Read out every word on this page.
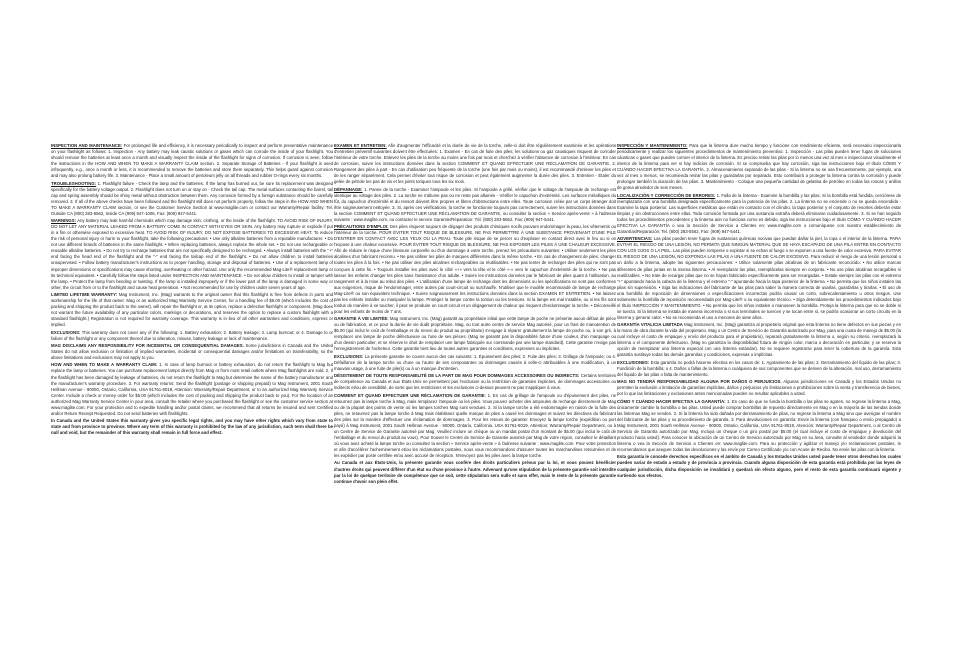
INSPECTION AND MAINTENANCE: For prolonged life and efficiency, it is necessary periodically to inspect and perform preventative maintenance on your flashlight as follows: 1. Inspection - Any battery may leak caustic solutions or gases which can corrode the inside of your flashlight. You should remove the batteries at least once a month and visually inspect the inside of the flashlight for signs of corrosion. If corrosion is seen, follow the instructions in the HOW AND WHEN TO MAKE A WARRANTY CLAIM section. 2. Separate Storage of Batteries - If your flashlight is used infrequently, e.g., once a month or less, it is recommended to remove the batteries and store them separately. This helps guard against corrosion and may also prolong battery life. 3. Maintenance - Place a small amount of petroleum jelly on all threads and rubber O-rings every six months.

TROUBLESHOOTING: 1. Flashlight failure - Check the lamp and the batteries. If the lamp has burned out, be sure its replacement was designed specifically for the battery voltage output. 2. Flashlight does not turn on or stay on - Check the tail cap. The metal surfaces contacting the barrel, tail cap and spring assembly should be shiny metal without obstruction between them. Any corrosion formed by a foreign substance should be carefully removed. 3. If all of the above checks have been followed and the flashlight still does not perform properly, follow the steps in the HOW AND WHEN TO MAKE A WARRANTY CLAIM section, or see the Customer Service Section at www.maglite.com or contact our Warranty/Repair facility: Tel. Outside CA (800) 283-5562, Inside CA (909) 947-1006, Fax: (909) 947-5441.

WARNINGS: Any battery may leak harmful chemicals which may damage skin, clothing, or the inside of the flashlight. TO AVOID RISK OF INJURY, DO NOT LET ANY MATERIAL LEAKED FROM A BATTERY COME IN CONTACT WITH EYES OR SKIN. Any battery may rupture or explode if put in a fire or otherwise exposed to excessive heat. TO AVOID RISK OF INJURY, DO NOT EXPOSE BATTERIES TO EXCESSIVE HEAT. To reduce the risk of personal injury or harm to your flashlight, take the following precautions: • Use only alkaline batteries from a reputable manufacturer. • Do not use different brands of batteries in the same flashlight. • When replacing batteries, always replace the whole set. • Do not use rechargeable or reusable alkaline batteries. • Do not try to recharge batteries that are not specifically designed to be recharged. • Always install batteries with the "+" end facing the head end of the flashlight and the "-" end facing the tailcap end of the flashlight. • Do not allow children to install batteries unsupervised. • Follow battery manufacturer's instructions as to proper handling, storage and disposal of batteries. • Use of a replacement lamp of improper dimensions or specifications may cause shorting, overheating or other hazard. Use only the recommended Mag-Lite® replacement lamp or its technical equivalent. • Carefully follow the steps listed under INSPECTION AND MAINTENANCE. • Do not allow children to install or tamper with the lamp. • Protect the lamp from bending or twisting. If the lamp is installed improperly or if the lower part of the lamp is damaged in some way or other, the circuit from or to the flashlight and cause heat generation. • Not recommended for use by children under seven years of age.

LIMITED LIFETIME WARRANTY: Mag Instrument, Inc. (Mag) warrants to the original owner that this flashlight is free from defects in parts and workmanship for the life of that owner. Mag or an authorized Mag Warranty Service Center, for a handling fee of $5.00 (which includes the cost of packing and shipping the product back to the owner), will repair the flashlight or, at its option, replace a defective flashlight or component. (Mag does not warrant the future availability of any particular colors, markings or decorations, and reserves the option to replace a custom flashlight with a standard flashlight.) Registration is not required for warranty coverage. This warranty is in lieu of all other warranties and conditions, express or implied.

EXCLUSIONS: This warranty does not cover any of the following: 1. Battery exhaustion; 2. Battery leakage; 3. Lamp burnout; or 4. Damage to or failure of the flashlight or any component thereof due to alteration, misuse, battery leakage or lack of maintenance.

MAG DISCLAIMS ANY RESPONSIBILITY FOR INCIDENTAL OR CONSEQUENTIAL DAMAGES. Some jurisdictions in Canada and the United States do not allow exclusion or limitation of implied warranties, incidental or consequential damages and/or limitations on transferability, so the above limitations and exclusions may not apply to you.

HOW AND WHEN TO MAKE A WARRANTY CLAIM: 1. In case of lamp burnout or battery exhaustion, do not return the flashlight to Mag but replace the lamp or batteries. You can purchase replacement lamps directly from Mag or from most retail outlets where Mag flashlights are sold. 2. If the flashlight has been damaged by leakage of batteries, do not return the flashlight to Mag but determine the name of the battery manufacturer and the manufacturer's warranty procedure. 3. For warranty returns: Send the flashlight (postage or shipping prepaid) to Mag Instrument, 2001 South Hellman Avenue - 90000, Ontario, California, USA 91761-8019, Attention: Warranty/Repair Department, or to an authorized Mag Warranty Service Center. Include a check or money order for $5.00 (which includes the cost of packing and shipping the product back to you). For the location of an authorized Mag Warranty Service Center in your area, consult the retailer where you purchased the flashlight or see the customer service section at www.maglite.com. For your protection and to expedite handling and/or postal claims, we recommend that all returns be insured and sent Certified and/or Return Receipt Requested. Do not send batteries with flashlights.

In Canada and the United States this warranty gives you specific legal rights, and you may have other rights which vary from state to state and from province to province. Where any term of this warranty is prohibited by the law of any jurisdiction, such term shall there be null and void, but the remainder of this warranty shall remain in full force and effect.

EXAMEN ET ENTRETIEN: Afin d'augmenter l'efficacité et la durée de vie de la torche, celle-ci doit être régulièrement examinée et les opérations d'entretien préventif suivantes doivent être effectuées: 1. Examen - En cas de fuite des piles, les solutions ou gaz caustiques risquent de corroder l'intérieur de votre torche. Enlevez les piles de la torche au moins une fois par mois et cherchez à vérifier l'absence de corrosion à l'intérieur. En cas de corrosion, suivre les instructions données dans la section COMMENT ET QUAND EFFECTUER UNE RÉCLAMATION DE GARANTIE. 2. Rangement des piles à part - En cas d'utilisation peu fréquente de la torche (une fois par mois ou moins), il est recommandé d'enlever les piles et de les ranger séparément. Cela permet d'éviter tout risque de corrosion et peut également augmenter la durée des piles. 3. Entretien - Étaler du gelée de pétrole les pas de vis et les joints toriques tous les six mois.

DÉPANNAGE: 1. Panne de la torche - Examiner l'ampoule et les piles. Si l'ampoule a grillé, vérifier que le voltage de l'ampoule de rechange est identique au voltage des piles. 2. La torche ne s'allume pas ou ne reste pas allumée - Vérifier le capuchon d'extrémité. Les surfaces métalliques du fût, du capuchon d'extrémité et du ressort doivent être propres et libres d'obstructions entre elles. Toute corrosion créée par un corps étranger doit être soigneusement nettoyée. 3. Si, après ces vérifications, la torche ne fonctionne toujours pas correctement, suivre les instructions données dans la section COMMENT ET QUAND EFFECTUER UNE RÉCLAMATION DE GARANTIE, ou consulter la section « Service après-vente » à l'adresse suivante : www.maglite.com, ou contacter le service Garantie/Réparation: Tél. (800) 283-5562, Fax: (909) 947-5441.

PRÉCAUTIONS D'EMPLOI: Des piles risquent toujours de dégager des produits chimiques nocifs pouvant endommager la peau, les vêtements ou l'intérieur de la torche. POUR ÉVITER TOUT RISQUE DE BLESSURE, NE PAS PERMETTRE À UNE SUBSTANCE PROVENANT D'UNE PILE D'ENTRER EN CONTACT AVEC LES YEUX OU LA PEAU. Toute pile risque de se percer ou d'exploser en contact direct avec le feu ou si on l'expose à une chaleur excessive. POUR ÉVITER TOUT RISQUE DE BLESSURE, NE PAS EXPOSER LES PILES À UNE CHALEUR EXCESSIVE. Afin de réduire le risque d'une blessure corporelle ou d'un dommage à votre torche, prenez les précautions suivantes: • Utiliser seulement les piles alcalines d'un fabricant reconnu. • Ne pas utiliser les piles de marques différentes dans la même torche. • En cas de changement de piles, changer toutes les piles à la fois. • Ne pas utiliser des piles alcalines rechargeables ou réutilisables. • Ne pas tenter de recharger des piles qui ne sont pas conçues à cette fin. • Toujours installer les piles avec le côté «+» vers la tête et le côté «-» vers le capuchon d'extrémité de la torche. • Ne pas laisser les enfants changer les piles sans l'assistance d'un adulte. • Suivre les instructions données par le fabricant de piles quant à l'utilisation, au rangement et à la mise au rebut des piles. • L'utilisation d'une lampe de rechange dont les dimensions ou les spécifications ne sont pas conformes aux exigences, risque de l'endommager, entre autres par court-circuit ou surchauffe. N'utiliser que le modèle recommandé de lampe de rechange Mag-Lite® ou son équivalent technique. • Suivre soigneusement les instructions données dans la section EXAMEN ET ENTRETIEN. • Ne laissez pas les enfants installer ou manipuler la lampe. Protégez la lampe contre la torsion ou les tensions. Si la lampe est mal installée, ou si les fils sont tordus de manière à se toucher, il peut se produire un court-circuit et un dégagement de chaleur qui risquent d'endommager la torche. • Déconseillé pour les enfants de moins de 7 ans.

GARANTIE À VIE LIMITÉE: Mag Instrument, Inc. (Mag) garantit au propriétaire initial que cette lampe de poche ne présente aucun défaut de pièce ou de fabrication, et ce pour la durée de vie dudit propriétaire. Mag, ou tout autre centre de service Mag autorisé, pour un frais de manutention de $5.00 (qui inclut le coût de l'emballage et du renvoi du produit au propriétaire) s'engage à réparer gratuitement la lampe de poche ou, à son gré, à remplacer une lampe de poche défectueuse ou l'une de ses pièces. (Mag ne garantit pas la disponibilité future d'une couleur, d'un marquage ou d'un dessin particulier, et se réserve le droit de remplacer une lampe fabriquée sur commande par une lampe standard). Cette garantie n'exige pas l'enregistrement de l'acheteur. Cette garantie tient lieu de toutes autres garanties et conditions, expresses ou implicites.

EXCLUSIONS: La présente garantie ne couvre aucun des cas suivants: 1. Épuisement des piles; 2. Fuite des piles; 3. Grillage de l'ampoule; ou 4. Défaillance de la lampe torche ou d'une ou l'autre de ses composantes ou dommages causés à celle-ci attribuables à une modification, à un mauvais usage, à une fuite de pile(s) ou à un manque d'entretien.

DÉSISTEMENT DE TOUTE RESPONSABILITÉ DE LA PART DE MAG POUR DOMMAGES ACCESSOIRES OU INDIRECTS: Certains territoires de compétence au Canada et aux États-Unis ne permettent pas l'exclusion ou la restriction de garanties implicites, de dommages accessoires ou indirects et/ou de cessibilité, de sorte que les restrictions et les exclusions ci-dessus peuvent ne pas s'appliquer à vous.

COMMENT ET QUAND EFFECTUER UNE RÉCLAMATION DE GARANTIE: 1. En cas de grillage de l'ampoule ou d'épuisement des piles, ne retournez pas la lampe torche à Mag, mais remplacez l'ampoule ou les piles. Vous pouvez acheter des ampoules de rechange directement de Mag ou de la plupart des points de vente où les lampes torches Mag sont vendues. 2. Si la lampe torche a été endommagée en raison de la fuite des piles, ne retournez pas la lampe torche à Mag mais établissez quelle marque de piles a causé les dommages et suivez les directives du fabricant des piles sur la manière d'effectuer une réclamation de dommages. 3. Pour les retours de garantie: Envoyez la lampe torche (expédition ou port payé) à Mag Instrument, 2001 South Hellman Avenue - 90000, Ontario, California, USA 91761-8019, Attention: Warranty/Repair Department, ou à un Centre de Service de Garantie autorisé par Mag. Veuillez inclure un chèque ou un mandat postal d'un montant de $5.00 (qui inclut le coût de l'emballage et du renvoi du produit au vous). Pour trouver le Centre de Service de Garantie autorisé par Mag de votre région, consultez le détaillant où vous avez acheté la lampe torche ou consultez la section « Service après-vente » à l'adresse suivante : www.maglite.com. Pour votre protection et afin d'accélérer l'acheminement et/ou les réclamations postales, nous vous recommandons d'assurer toutes les marchandises retournées et de les expédier par poste certifiée et/ou avec accusé de réception. N'envoyez pas les piles avec la lampe torche.

Au Canada et aux États-Unis, la présente garantie vous confère des droits particuliers prévus par la loi, et vous pouvez bénéficier d'autres droits qui peuvent différer d'un état ou d'une province à l'autre. Advenant qu'une stipulation de la présente garantie soit interdite par la loi de quelque territoire de compétence que ce soit, cette stipulation sera nulle et sans effet, mais le reste de la présente garantie continue d'avoir son plein effet.

INSPECCIÓN Y MANTENIMIENTO: Para que la linterna dure mucho tiempo y funcione con rendimiento eficiente, será necesario inspeccionarla periódicamente y realizar los siguientes procedimientos de mantenimiento preventivo: 1. Inspección - Las pilas pueden tener fugas de soluciones cáusticas o gases que pueden corroer el interior de la linterna. Es preciso retirar las pilas por lo menos una vez al mes e inspeccionar visualmente el interior de la linterna para ver si hay indicios de corrosión. Si se comprueba que hay corrosión, siga las instrucciones bajo el título CÓMO Y CUÁNDO HACER EFECTIVA LA GARANTÍA. 2. Almacenamiento separado de las pilas - Si la linterna no se usa frecuentemente, por ejemplo, una vez al mes o menos, se recomienda retirar las pilas y guardarlas por separado. Esto contribuirá a proteger la linterna contra la corrosión y puede prolongar también la duración de las pilas. 3. Mantenimiento - Coloque una pequeña cantidad de gelatina de petróleo en todas las roscas y anillos de goma alrededor de seis meses.

LOCALIZACIÓN Y CORRECCIÓN DE ERRORES: 1. Falla de la linterna - Examine la bombilla y las pilas. Si la bombilla está fundida, cerciórese de reemplazarla con una bombilla designada específicamente para la potencia de las pilas. 2. La linterna no se enciende o no se queda encendida - Examine la tapa posterior. Las superficies metálicas que están en contacto con el cilindro, la tapa posterior y el conjunto de resortes deberán estar limpias y sin obstrucciones entre ellas. Toda corrosión formada por una sustancia extraña deberá eliminarse cuidadosamente. 3. Si se han seguido todos los procedimientos precedentes y la linterna aún no funciona como es debido, siga las instrucciones bajo el título CÓMO Y CUÁNDO HACER EFECTIVA LA GARANTÍA o vea la Sección de Servicio a Clientes en: www.maglite.com o comuníquese con nuestro establecimiento de Garantías/Reparación: Tel. (800) 283-5562, Fax: (909) 947-5441.

ADVERTENCIAS: Las pilas pueden tener fugas de sustancias químicas nocivas que puedan dañar la piel, la ropa o el interior de la linterna. PARA EVITAR EL RIESGO DE UNA LESIÓN, NO PERMITA QUE NINGÚN MATERIAL QUE SE HAYA ESCAPADO DE UNA PILA ENTRE EN CONTACTO CON LOS OJOS O LA PIEL. Las pilas pueden romperse o explotar si se echan al fuego o se exponen a una fuente de calor excesiva. PARA EVITAR EL RIESGO DE UNA LESIÓN, NO EXPONGA LAS PILAS A UNA FUENTE DE CALOR EXCESIVO. Para reducir el riesgo de una lesión personal o un daño a la linterna, adopte las siguientes precauciones: • Utilice solamente pilas alcalinas de un fabricante reconocido. • No utilice marcas diferentes de pilas juntas en la misma linterna. • Al reemplazar las pilas, reemplácelas siempre en conjunto. • No use pilas alcalinas recargables ni reutilizables. • No trate de recargar pilas que no se hayan fabricado específicamente para ser recargadas. • Instale siempre las pilas con el extremo "+" apuntando hacia la cabeza de la linterna y el extremo "-" apuntando hacia la tapa posterior de la linterna. • No permita que los niños instalen las pilas sin supervisión. • Siga las indicaciones del fabricante de las pilas para saber la manera correcta de usarlas, guardarlas y tirarlas. • El uso de una bombilla de reposición de dimensiones o especificaciones incorrectas podría causar un corto, sobrecalentamiento u otros riesgos. Use solamente la bombilla de reposición recomendada por Mag-Lite® o su equivalente técnico. • Siga detenidamente los procedimientos indicados bajo el título INSPECCIÓN Y MANTENIMIENTO. • No permita que los niños instalen o manoseen la bombilla. Proteja la linterna para que no se doble ni se tuerza. Si la linterna se instala de manera incorrecta o si sus terminales se tuercen y se tocan entre sí, se podría ocasionar un corto circuito en la linterna y generar calor. • No se recomienda el uso a menores de siete años.

GARANTÍA VITALICIA LIMITADA Mag Instrument, Inc. (Mag) garantiza al propietario original que esta linterna no tiene defectos en sus piezas y en la mano de obra durante la vida del propietario. Mag o un Centro de Servicio de Garantía autorizado por Mag, para una cuota de manejo de $5.00 (la cual incluye el costo de empaque y envío del producto para el propietario), reparará gratuitamente la linterna o, según su criterio, reemplazará la linterna o el componente defectuoso. (Mag no garantiza la disponibilidad futura de ningún color, marca o decoración en particular, y se reserva la opción de reemplazar una linterna especial con una linterna estándar). No se requiere registrarse para tener la cobertura de la garantía. Esta garantía sustituye todas las demás garantías y condiciones, expresas o implícitas.

EXCLUSIONES: Esta garantía no podrá hacerse efectiva en los casos de: 1. Agotamiento de las pilas; 2. Derramamiento del líquido de las pilas; 3. Fundición de la bombilla; o 4. Daños o fallas de la linterna o cualquiera de sus componentes que se deriven de la alteración, mal uso, derramamiento del líquido de las pilas o falta de mantenimiento.

MAG NO TENDRÁ RESPONSABILIDAD ALGUNA POR DAÑOS O PERJUICIOS. Algunas jurisdicciones en Canadá y los Estados Unidos no permiten la exclusión o limitación de garantías implícitas, daños y perjuicios y/o limitaciones a prohibiciones sobre la venta y transferencia de bienes, por lo que las limitaciones y exclusiones antes mencionadas pueden no resultar aplicables a usted.

CÓMO Y CUÁNDO HACER EFECTIVA LA GARANTÍA: 1. En caso de que se funda la bombilla o las pilas se agoten, no regrese la linterna a Mag, únicamente cambie la bombilla o las pilas. Usted puede comprar bombillas de repuesto directamente en Mag o en la mayoría de las tiendas donde las linternas Mag se venden. 2. Si la linterna ha sido dañada por derramamiento de pilas, no regrese la linterna a Mag sino que averigüe el nombre del fabricante de las pilas y su procedimiento de garantía. 3. Para devoluciones en garantía: Envíe la linterna (con franqueo o envío prepagado) a Mag Instrument, 2001 South Hellman Avenue - 90000, Ontario, California, USA 91761-8019, Atención: Warranty/Repair Department, o al Centro de Servicio de Garantía autorizado por Mag. Incluya un cheque o un giro postal por $5.00 (el cual incluye el costo de empaque y devolución del producto hacia usted). Para conocer la ubicación de un Centro de Servicio autorizado por Mag en su área, consulte al vendedor donde adquirió la linterna o vea la Sección de Servicio a Clientes en: www.maglite.com. Para su protección y agilizar el manejo y/o reclamaciones postales, le recomendamos que asegure todas las devoluciones y las envíe por Correo Certificado y/o con Acuse de Recibo. No envíe las pilas con la linterna.

Esta garantía le concede derechos específicos en el ámbito de Canadá y los Estados Unidos usted puede tener otros derechos los cuales pueden variar de estado a estado y de provincia a provincia. Cuando alguna disposición de esta garantía está prohibida por las leyes de cualquier jurisdicción, dicha disposición se invalidará y quedará sin efecto alguno, pero el resto de esta garantía continuará vigente y surtiendo sus efectos.
